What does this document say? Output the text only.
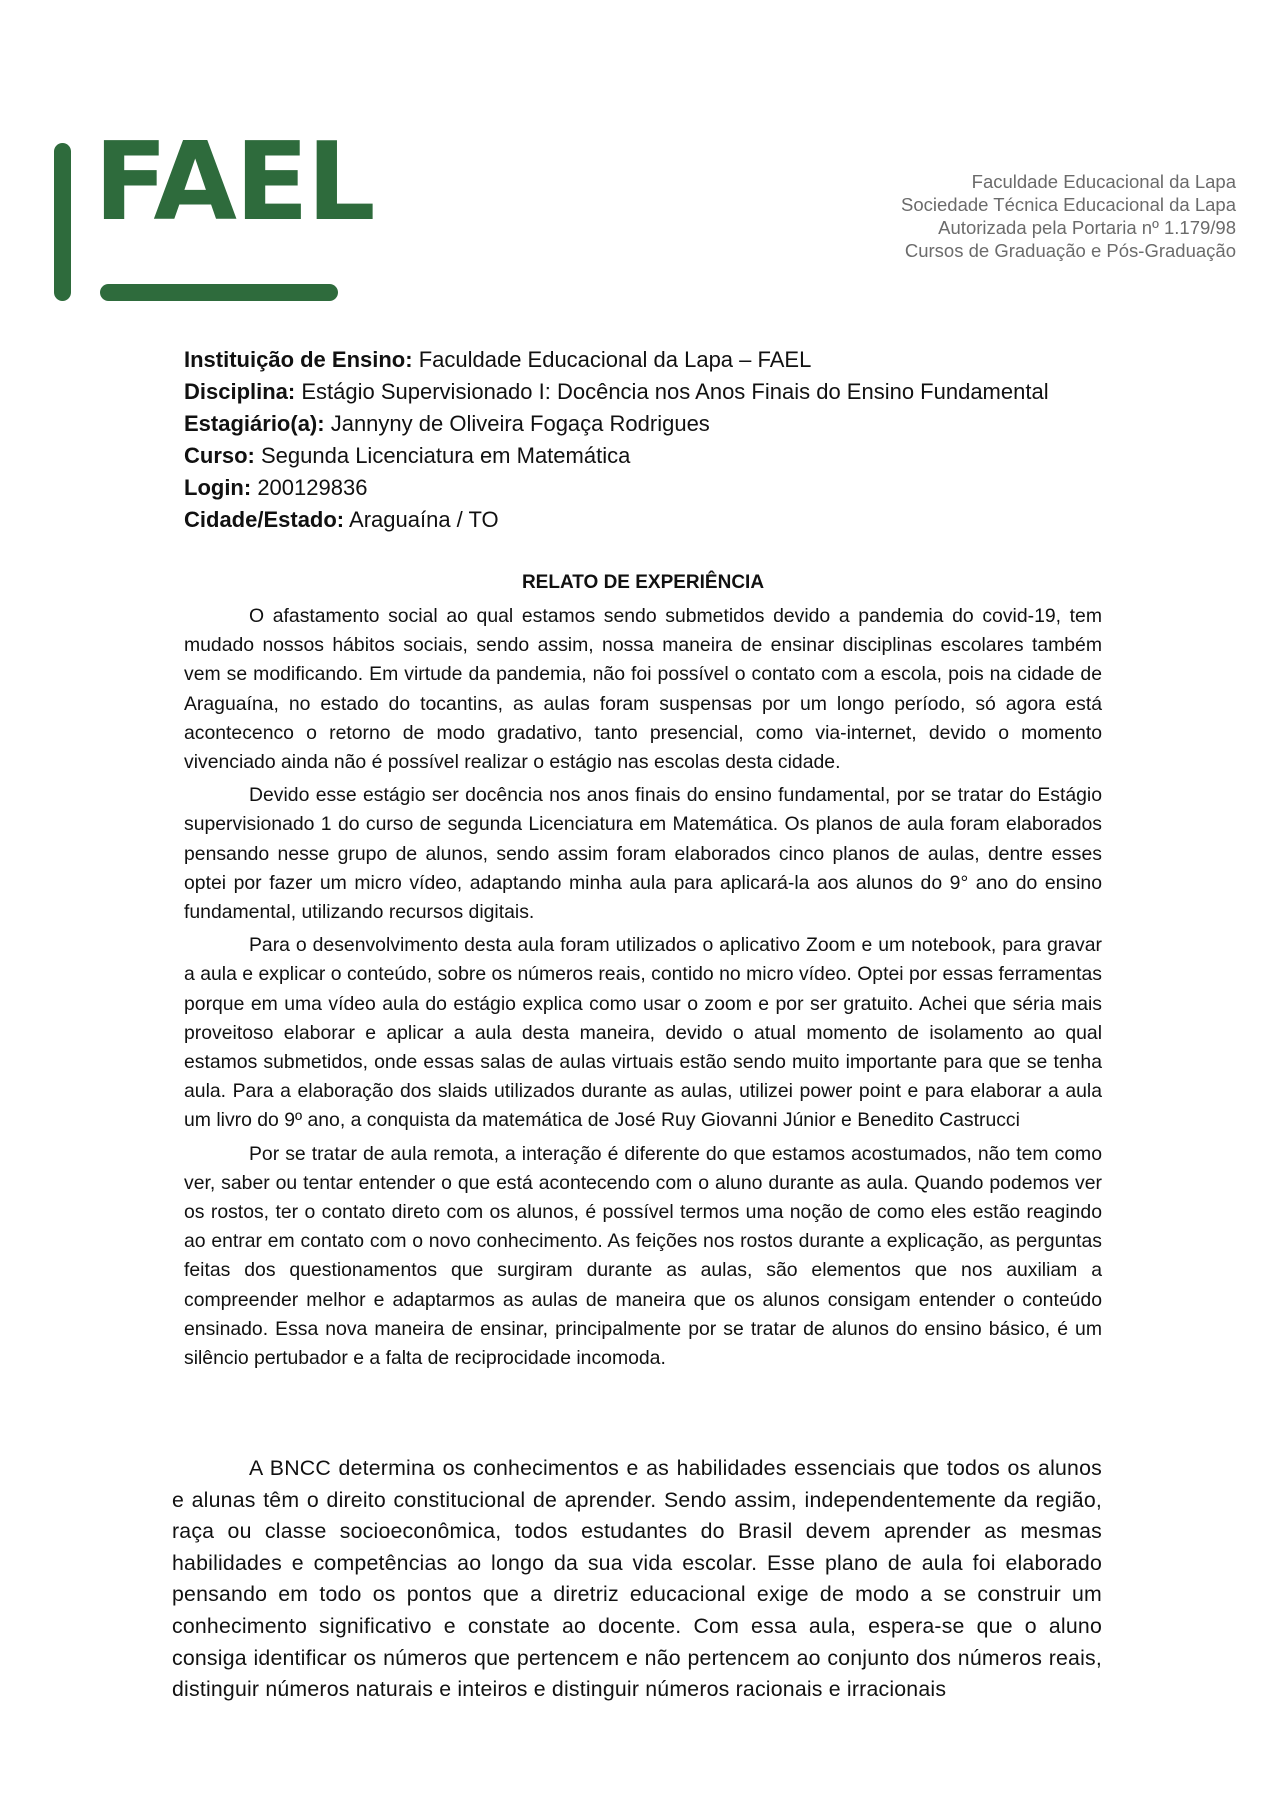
FAEL	Faculdade Educacional da Lapa
Sociedade Técnica Educacional da Lapa
Autorizada pela Portaria nº 1.179/98
Cursos de Graduação e Pós-Graduação
Instituição de Ensino: Faculdade Educacional da Lapa – FAEL
Disciplina: Estágio Supervisionado I: Docência nos Anos Finais do Ensino Fundamental
Estagiário(a): Jannyny de Oliveira Fogaça Rodrigues
Curso: Segunda Licenciatura em Matemática
Login: 200129836
Cidade/Estado: Araguaína / TO
RELATO DE EXPERIÊNCIA

O afastamento social ao qual estamos sendo submetidos devido a pandemia do covid-19, tem mudado nossos hábitos sociais, sendo assim, nossa maneira de ensinar disciplinas escolares também vem se modificando. Em virtude da pandemia, não foi possível o contato com a escola, pois na cidade de Araguaína, no estado do tocantins, as aulas foram suspensas por um longo período, só agora está acontecenco o retorno de modo gradativo, tanto presencial, como via-internet, devido o momento vivenciado ainda não é possível realizar o estágio nas escolas desta cidade.

Devido esse estágio ser docência nos anos finais do ensino fundamental, por se tratar do Estágio supervisionado 1 do curso de segunda Licenciatura em Matemática. Os planos de aula foram elaborados pensando nesse grupo de alunos, sendo assim foram elaborados cinco planos de aulas, dentre esses optei por fazer um micro vídeo, adaptando minha aula para aplicará-la aos alunos do 9° ano do ensino fundamental, utilizando recursos digitais.

Para o desenvolvimento desta aula foram utilizados o aplicativo Zoom e um notebook, para gravar a aula e explicar o conteúdo, sobre os números reais, contido no micro vídeo. Optei por essas ferramentas porque em uma vídeo aula do estágio explica como usar o zoom e por ser gratuito. Achei que séria mais proveitoso elaborar e aplicar a aula desta maneira, devido o atual momento de isolamento ao qual estamos submetidos, onde essas salas de aulas virtuais estão sendo muito importante para que se tenha aula. Para a elaboração dos slaids utilizados durante as aulas, utilizei power point e para elaborar a aula um livro do 9º ano, a conquista da matemática de José Ruy Giovanni Júnior e Benedito Castrucci

Por se tratar de aula remota, a interação é diferente do que estamos acostumados, não tem como ver, saber ou tentar entender o que está acontecendo com o aluno durante as aula. Quando podemos ver os rostos, ter o contato direto com os alunos, é possível termos uma noção de como eles estão reagindo ao entrar em contato com o novo conhecimento. As feições nos rostos durante a explicação, as perguntas feitas dos questionamentos que surgiram durante as aulas, são elementos que nos auxiliam a compreender melhor e adaptarmos as aulas de maneira que os alunos consigam entender o conteúdo ensinado. Essa nova maneira de ensinar, principalmente por se tratar de alunos do ensino básico, é um silêncio pertubador e a falta de reciprocidade incomoda.

A BNCC determina os conhecimentos e as habilidades essenciais que todos os alunos e alunas têm o direito constitucional de aprender. Sendo assim, independentemente da região, raça ou classe socioeconômica, todos estudantes do Brasil devem aprender as mesmas habilidades e competências ao longo da sua vida escolar. Esse plano de aula foi elaborado pensando em todo os pontos que a diretriz educacional exige de modo a se construir um conhecimento significativo e constate ao docente. Com essa aula, espera-se que o aluno consiga identificar os números que pertencem e não pertencem ao conjunto dos números reais, distinguir números naturais e inteiros e distinguir números racionais e irracionais
